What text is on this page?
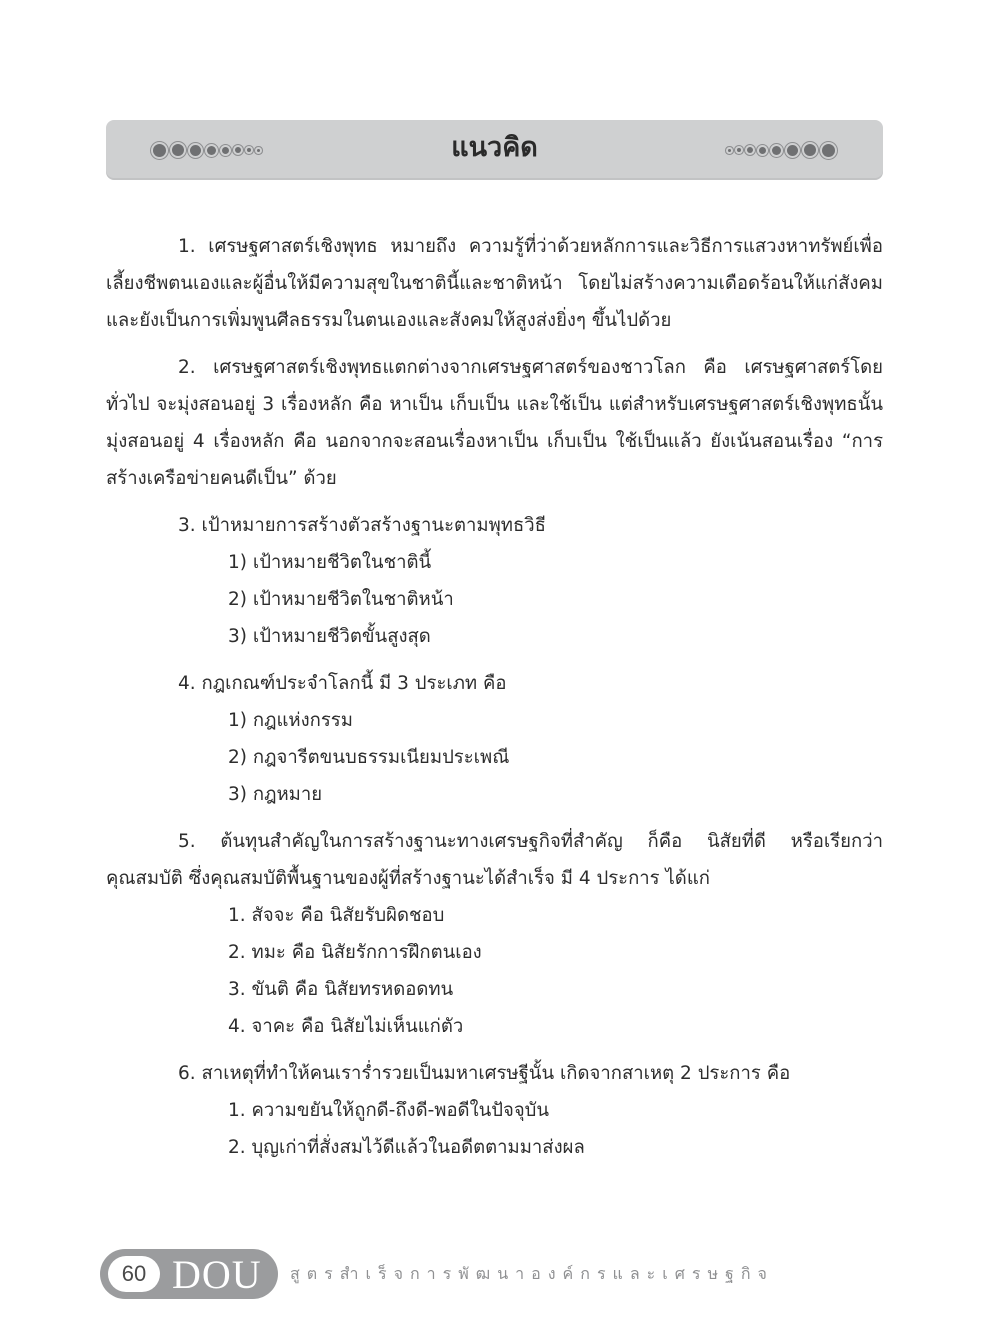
แนวคิด

1. เศรษฐศาสตร์เชิงพุทธ หมายถึง ความรู้ที่ว่าด้วยหลักการและวิธีการแสวงหาทรัพย์เพื่อเลี้ยงชีพตนเองและผู้อื่นให้มีความสุขในชาตินี้และชาติหน้า โดยไม่สร้างความเดือดร้อนให้แก่สังคม และยังเป็นการเพิ่มพูนศีลธรรมในตนเองและสังคมให้สูงส่งยิ่งๆ ขึ้นไปด้วย

2. เศรษฐศาสตร์เชิงพุทธแตกต่างจากเศรษฐศาสตร์ของชาวโลก คือ เศรษฐศาสตร์โดยทั่วไป จะมุ่งสอนอยู่ 3 เรื่องหลัก คือ หาเป็น เก็บเป็น และใช้เป็น แต่สำหรับเศรษฐศาสตร์เชิงพุทธนั้น มุ่งสอนอยู่ 4 เรื่องหลัก คือ นอกจากจะสอนเรื่องหาเป็น เก็บเป็น ใช้เป็นแล้ว ยังเน้นสอนเรื่อง “การสร้างเครือข่ายคนดีเป็น” ด้วย

3. เป้าหมายการสร้างตัวสร้างฐานะตามพุทธวิธี

1) เป้าหมายชีวิตในชาตินี้

2) เป้าหมายชีวิตในชาติหน้า

3) เป้าหมายชีวิตขั้นสูงสุด

4. กฎเกณฑ์ประจำโลกนี้ มี 3 ประเภท คือ

1) กฎแห่งกรรม

2) กฎจารีตขนบธรรมเนียมประเพณี

3) กฎหมาย

5. ต้นทุนสำคัญในการสร้างฐานะทางเศรษฐกิจที่สำคัญ ก็คือ นิสัยที่ดี หรือเรียกว่า คุณสมบัติ ซึ่งคุณสมบัติพื้นฐานของผู้ที่สร้างฐานะได้สำเร็จ มี 4 ประการ ได้แก่

1. สัจจะ คือ นิสัยรับผิดชอบ

2. ทมะ คือ นิสัยรักการฝึกตนเอง

3. ขันติ คือ นิสัยทรหดอดทน

4. จาคะ คือ นิสัยไม่เห็นแก่ตัว

6. สาเหตุที่ทำให้คนเราร่ำรวยเป็นมหาเศรษฐีนั้น เกิดจากสาเหตุ 2 ประการ คือ

1. ความขยันให้ถูกดี-ถึงดี-พอดีในปัจจุบัน

2. บุญเก่าที่สั่งสมไว้ดีแล้วในอดีตตามมาส่งผล

60 DOU สูตรสำเร็จการพัฒนาองค์กรและเศรษฐกิจ
